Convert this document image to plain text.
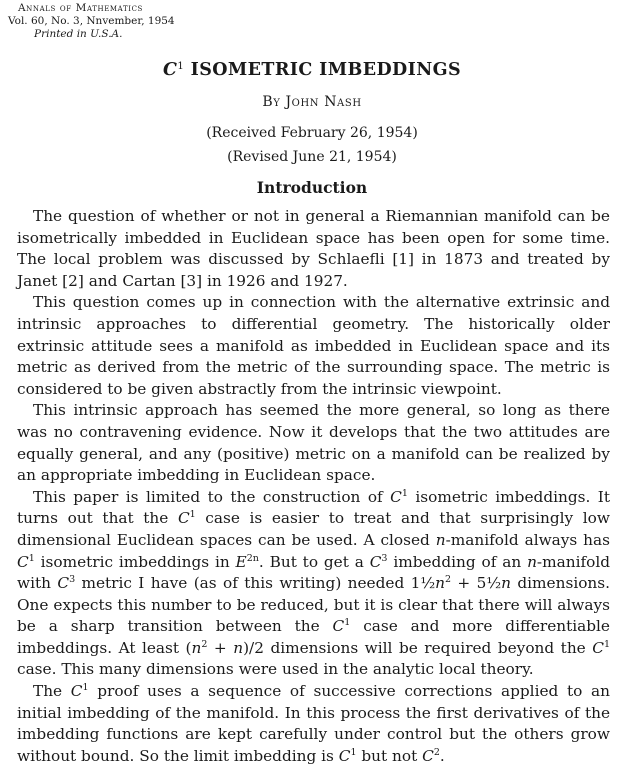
Annals of Mathematics
Vol. 60, No. 3, Nnvember, 1954
Printed in U.S.A.
$C^1$ ISOMETRIC IMBEDDINGS
By John Nash
(Received February 26, 1954)
(Revised June 21, 1954)
Introduction

The question of whether or not in general a Riemannian manifold can be isometrically imbedded in Euclidean space has been open for some time. The local problem was discussed by Schlaefli [1] in 1873 and treated by Janet [2] and Cartan [3] in 1926 and 1927.

This question comes up in connection with the alternative extrinsic and intrinsic approaches to differential geometry. The historically older extrinsic attitude sees a manifold as imbedded in Euclidean space and its metric as derived from the metric of the surrounding space. The metric is considered to be given abstractly from the intrinsic viewpoint.

This intrinsic approach has seemed the more general, so long as there was no contravening evidence. Now it develops that the two attitudes are equally general, and any (positive) metric on a manifold can be realized by an appropriate imbedding in Euclidean space.

This paper is limited to the construction of $C^1$ isometric imbeddings. It turns out that the $C^1$ case is easier to treat and that surprisingly low dimensional Euclidean spaces can be used. A closed n-manifold always has $C^1$ isometric imbeddings in $E^{2n}$. But to get a $C^3$ imbedding of an n-manifold with $C^3$ metric I have (as of this writing) needed $1\frac{1}{2}n^2$ + 5½n dimensions. One expects this number to be reduced, but it is clear that there will always be a sharp transition between the $C^1$ case and more differentiable imbeddings. At least $(n^2 + n)/2$ dimensions will be required beyond the $C^1$ case. This many dimensions were used in the analytic local theory.

The $C^1$ proof uses a sequence of successive corrections applied to an initial imbedding of the manifold. In this process the first derivatives of the imbedding functions are kept carefully under control but the others grow without bound. So the limit imbedding is $C^1$ but not $C^2$.
